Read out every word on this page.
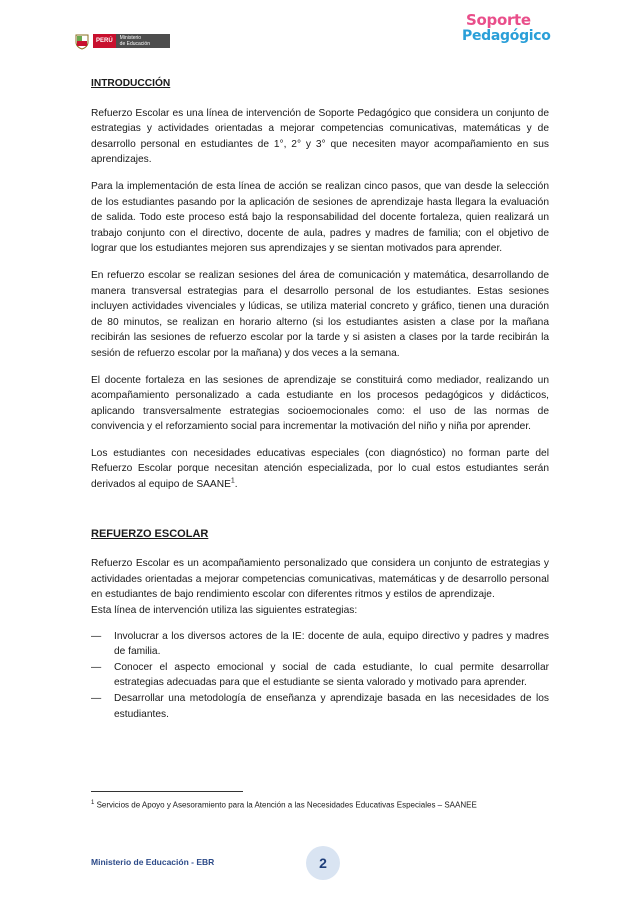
PERÚ	Ministerio
de Educación
Soporte
Pedagógico
INTRODUCCIÓN

Refuerzo Escolar es una línea de intervención de Soporte Pedagógico que considera un conjunto de estrategias y actividades orientadas a mejorar competencias comunicativas, matemáticas y de desarrollo personal en estudiantes de 1°, 2° y 3° que necesiten mayor acompañamiento en sus aprendizajes.

Para la implementación de esta línea de acción se realizan cinco pasos, que van desde la selección de los estudiantes pasando por la aplicación de sesiones de aprendizaje hasta llegara la evaluación de salida. Todo este proceso está bajo la responsabilidad del docente fortaleza, quien realizará un trabajo conjunto con el directivo, docente de aula, padres y madres de familia; con el objetivo de lograr que los estudiantes mejoren sus aprendizajes y se sientan motivados para aprender.

En refuerzo escolar se realizan sesiones del área de comunicación y matemática, desarrollando de manera transversal estrategias para el desarrollo personal de los estudiantes. Estas sesiones incluyen actividades vivenciales y lúdicas, se utiliza material concreto y gráfico, tienen una duración de 80 minutos, se realizan en horario alterno (si los estudiantes asisten a clase por la mañana recibirán las sesiones de refuerzo escolar por la tarde y si asisten a clases por la tarde recibirán la sesión de refuerzo escolar por la mañana) y dos veces a la semana.

El docente fortaleza en las sesiones de aprendizaje se constituirá como mediador, realizando un acompañamiento personalizado a cada estudiante en los procesos pedagógicos y didácticos, aplicando transversalmente estrategias socioemocionales como: el uso de las normas de convivencia y el reforzamiento social para incrementar la motivación del niño y niña por aprender.

Los estudiantes con necesidades educativas especiales (con diagnóstico) no forman parte del Refuerzo Escolar porque necesitan atención especializada, por lo cual estos estudiantes serán derivados al equipo de SAANE$^1$.

REFUERZO ESCOLAR

Refuerzo Escolar es un acompañamiento personalizado que considera un conjunto de estrategias y actividades orientadas a mejorar competencias comunicativas, matemáticas y de desarrollo personal en estudiantes de bajo rendimiento escolar con diferentes ritmos y estilos de aprendizaje.

Esta línea de intervención utiliza las siguientes estrategias:

— Involucrar a los diversos actores de la IE: docente de aula, equipo directivo y padres y madres de familia.
— Conocer el aspecto emocional y social de cada estudiante, lo cual permite desarrollar estrategias adecuadas para que el estudiante se sienta valorado y motivado para aprender.
— Desarrollar una metodología de enseñanza y aprendizaje basada en las necesidades de los estudiantes.
$^1$ Servicios de Apoyo y Asesoramiento para la Atención a las Necesidades Educativas Especiales – SAANEE
Ministerio de Educación - EBR	2
